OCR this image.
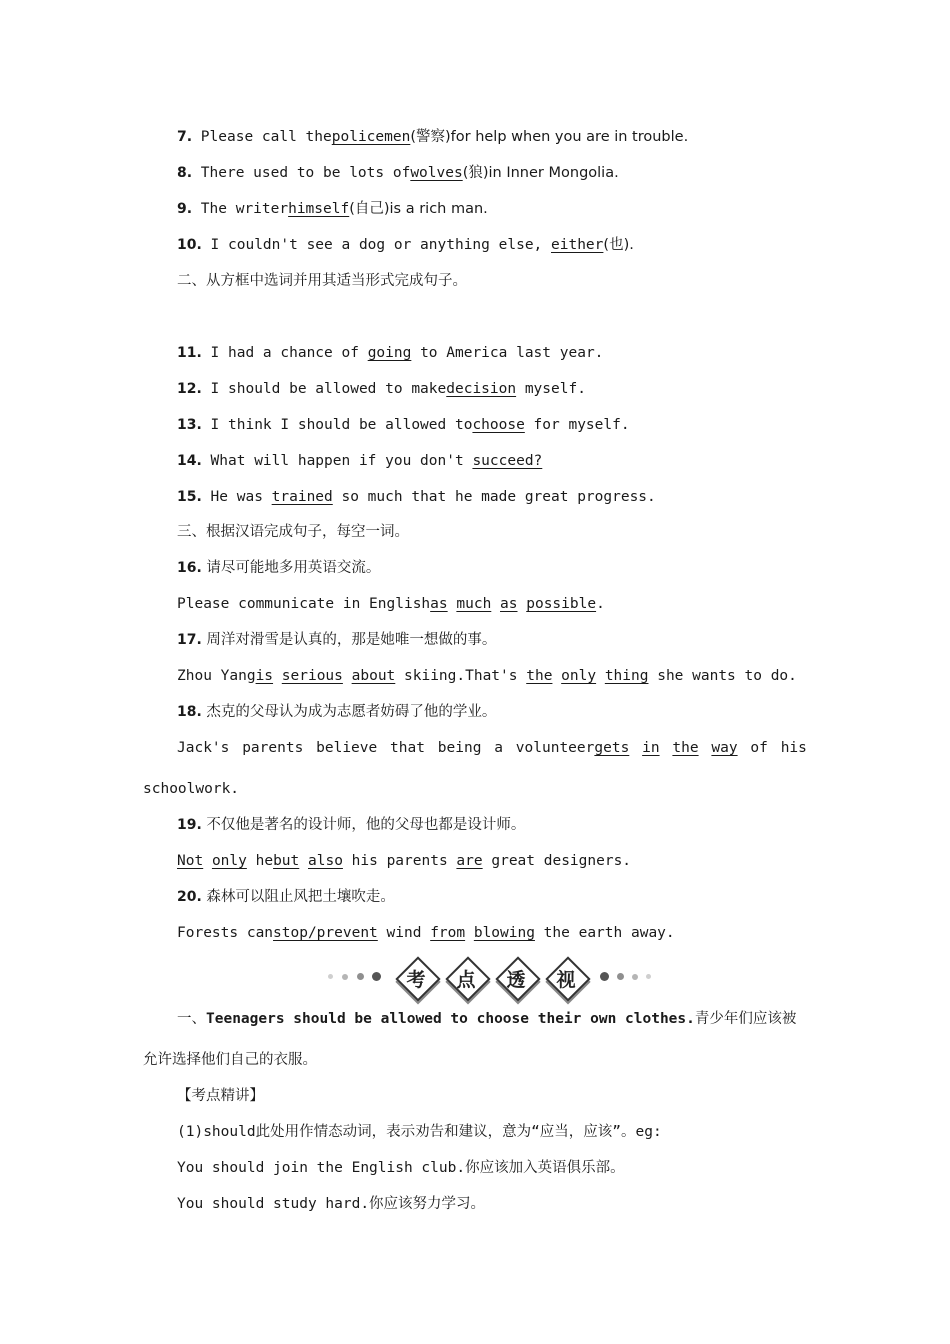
7. Please call thepolicemen(警察)for help when you are in trouble.
8. There used to be lots ofwolves(狼)in Inner Mongolia.
9. The writerhimself(自己)is a rich man.
10. I couldn't see a dog or anything else, either(也).
二、从方框中选词并用其适当形式完成句子。
11. I had a chance of going to America last year.
12. I should be allowed to makedecision myself.
13. I think I should be allowed tochoose for myself.
14. What will happen if you don't succeed?
15. He was trained so much that he made great progress.
三、根据汉语完成句子，每空一词。
16. 请尽可能地多用英语交流。
Please communicate in Englishas much as possible.
17. 周洋对滑雪是认真的，那是她唯一想做的事。
Zhou Yangis serious about skiing.That's the only thing she wants to do.
18. 杰克的父母认为成为志愿者妨碍了他的学业。
Jack's parents believe that being a volunteergets in the way of his
schoolwork.
19. 不仅他是著名的设计师，他的父母也都是设计师。
Not only hebut also his parents are great designers.
20. 森林可以阻止风把土壤吹走。
Forests canstop/prevent wind from blowing the earth away.
考	点	透	视
一、Teenagers should be allowed to choose their own clothes.青少年们应该被
允许选择他们自己的衣服。
【考点精讲】
(1)should此处用作情态动词，表示劝告和建议，意为“应当，应该”。eg:
You should join the English club.你应该加入英语俱乐部。
You should study hard.你应该努力学习。
